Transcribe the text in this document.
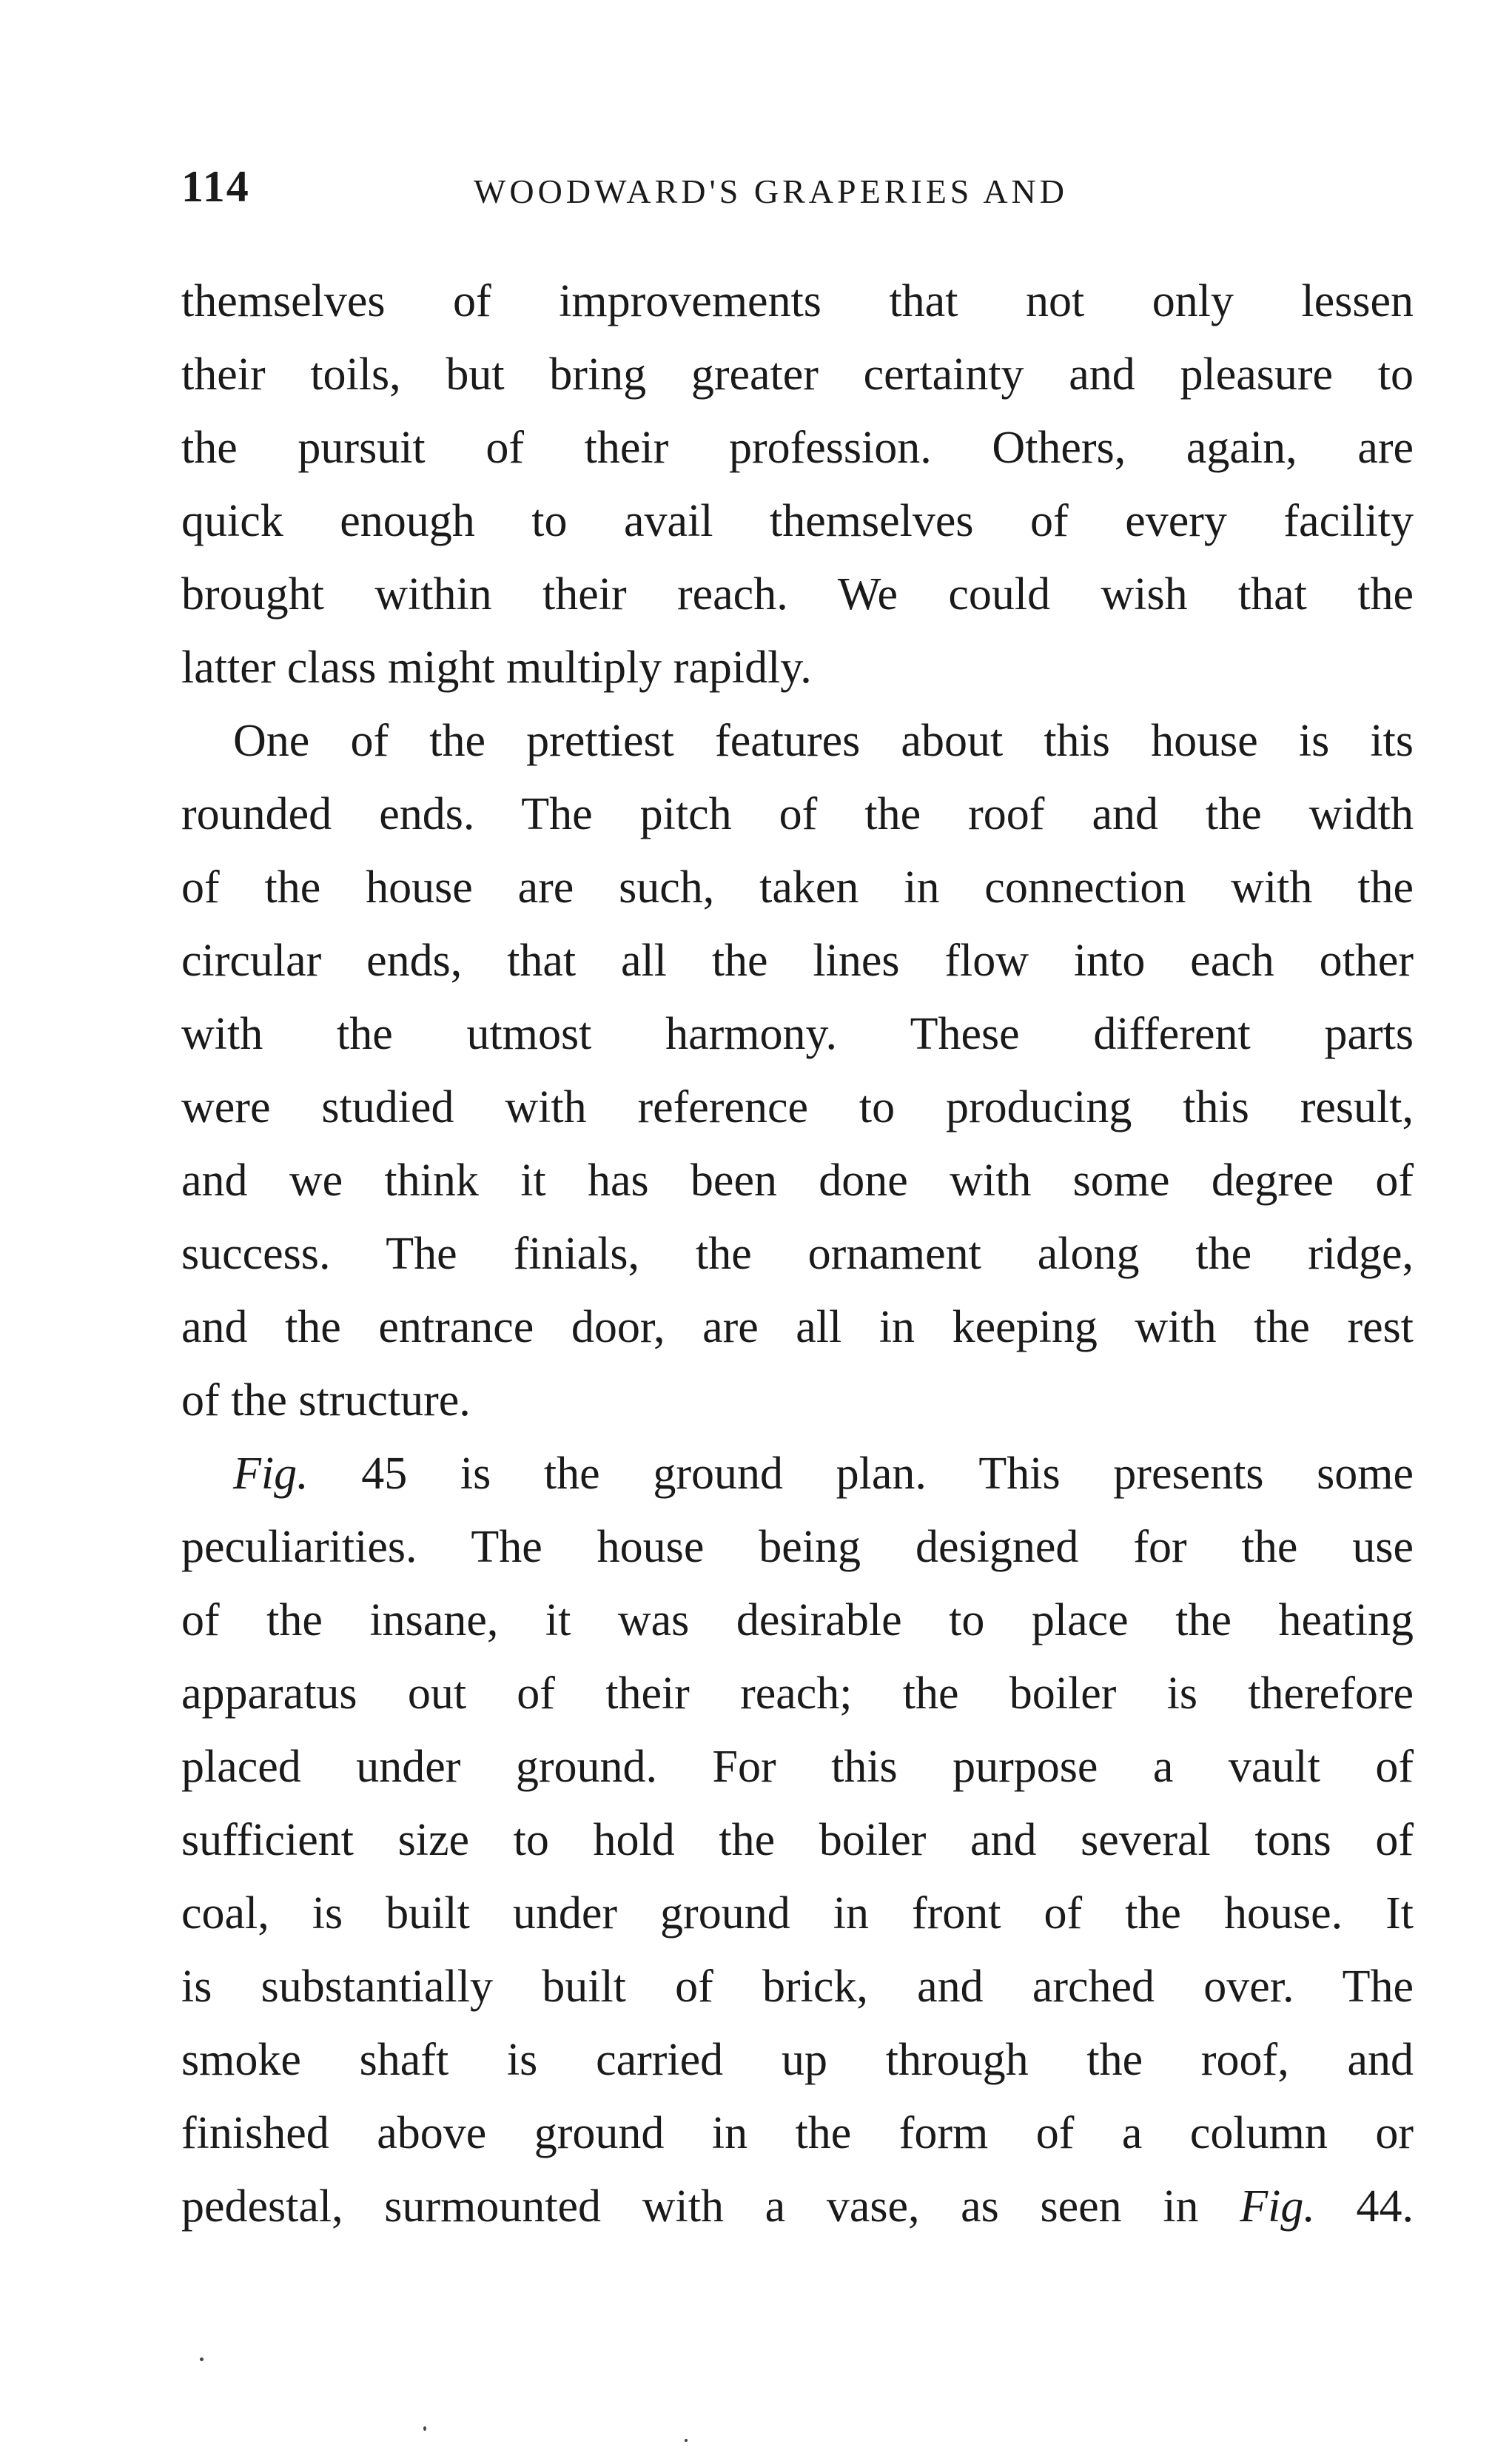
114	WOODWARD'S GRAPERIES AND
themselves of improvements that not only lessen
their toils, but bring greater certainty and pleasure to
the pursuit of their profession. Others, again, are
quick enough to avail themselves of every facility
brought within their reach. We could wish that the
latter class might multiply rapidly.
One of the prettiest features about this house is its
rounded ends. The pitch of the roof and the width
of the house are such, taken in connection with the
circular ends, that all the lines flow into each other
with the utmost harmony. These different parts
were studied with reference to producing this result,
and we think it has been done with some degree of
success. The finials, the ornament along the ridge,
and the entrance door, are all in keeping with the rest
of the structure.
Fig. 45 is the ground plan. This presents some
peculiarities. The house being designed for the use
of the insane, it was desirable to place the heating
apparatus out of their reach; the boiler is therefore
placed under ground. For this purpose a vault of
sufficient size to hold the boiler and several tons of
coal, is built under ground in front of the house. It
is substantially built of brick, and arched over. The
smoke shaft is carried up through the roof, and
finished above ground in the form of a column or
pedestal, surmounted with a vase, as seen in Fig. 44.
